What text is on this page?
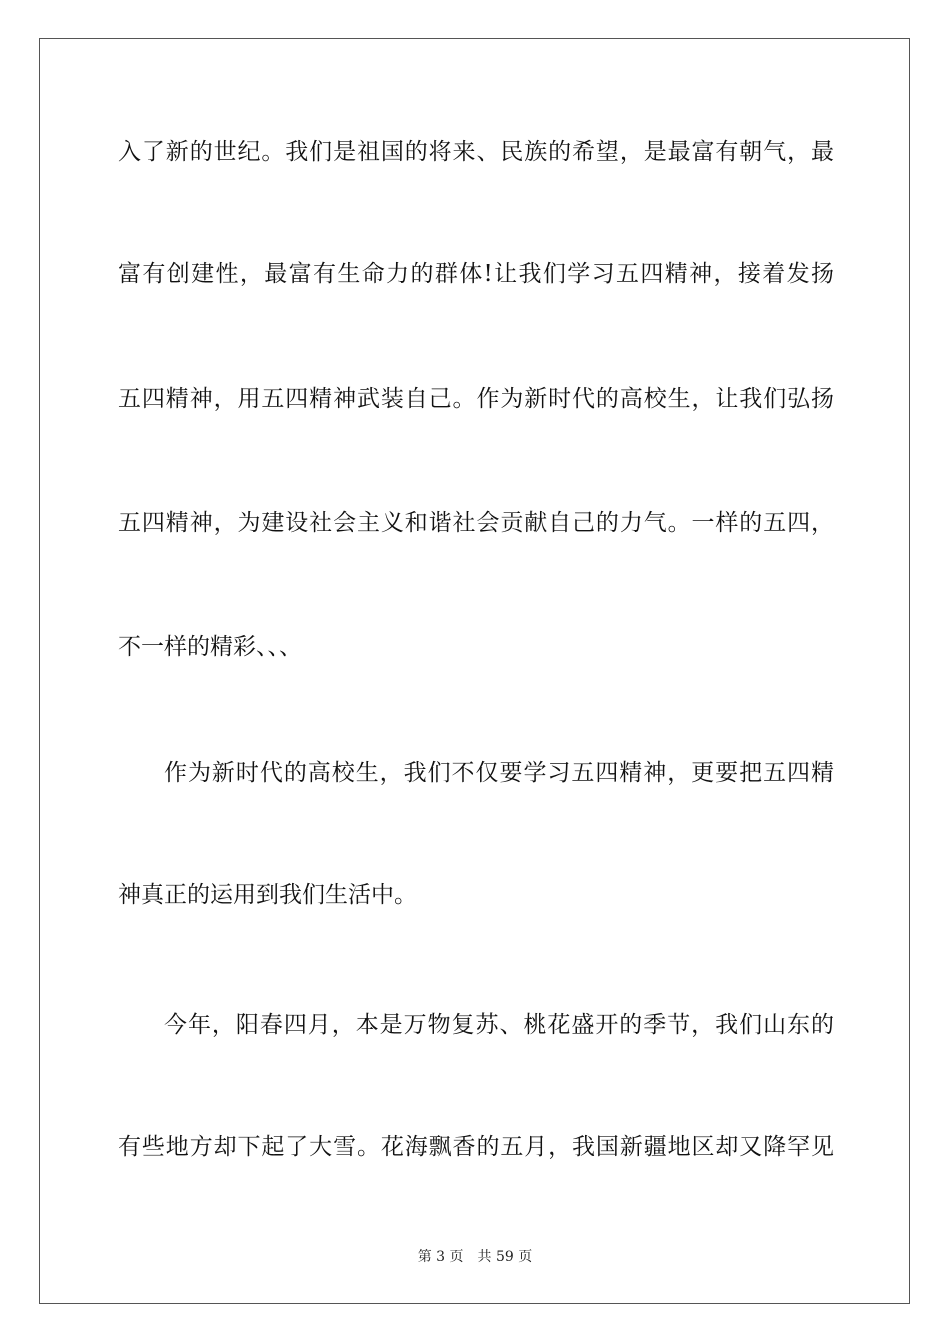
入了新的世纪。我们是祖国的将来、民族的希望，是最富有朝气，最
富有创建性，最富有生命力的群体!让我们学习五四精神，接着发扬
五四精神，用五四精神武装自己。作为新时代的高校生，让我们弘扬
五四精神，为建设社会主义和谐社会贡献自己的力气。一样的五四，
不一样的精彩、、、
作为新时代的高校生，我们不仅要学习五四精神，更要把五四精
神真正的运用到我们生活中。
今年，阳春四月，本是万物复苏、桃花盛开的季节，我们山东的
有些地方却下起了大雪。花海飘香的五月，我国新疆地区却又降罕见
第 3 页 共 59 页
